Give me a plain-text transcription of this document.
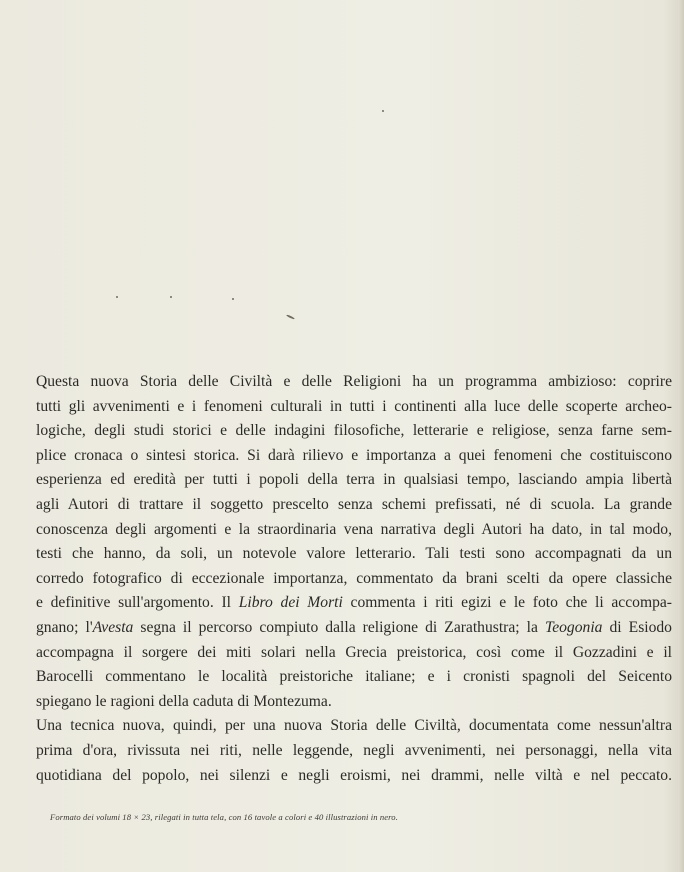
Questa nuova Storia delle Civiltà e delle Religioni ha un programma ambizioso: coprire
tutti gli avvenimenti e i fenomeni culturali in tutti i continenti alla luce delle scoperte archeo-
logiche, degli studi storici e delle indagini filosofiche, letterarie e religiose, senza farne sem-
plice cronaca o sintesi storica. Si darà rilievo e importanza a quei fenomeni che costituiscono
esperienza ed eredità per tutti i popoli della terra in qualsiasi tempo, lasciando ampia libertà
agli Autori di trattare il soggetto prescelto senza schemi prefissati, né di scuola. La grande
conoscenza degli argomenti e la straordinaria vena narrativa degli Autori ha dato, in tal modo,
testi che hanno, da soli, un notevole valore letterario. Tali testi sono accompagnati da un
corredo fotografico di eccezionale importanza, commentato da brani scelti da opere classiche
e definitive sull'argomento. Il Libro dei Morti commenta i riti egizi e le foto che li accompa-
gnano; l'Avesta segna il percorso compiuto dalla religione di Zarathustra; la Teogonia di Esiodo
accompagna il sorgere dei miti solari nella Grecia preistorica, così come il Gozzadini e il
Barocelli commentano le località preistoriche italiane; e i cronisti spagnoli del Seicento
spiegano le ragioni della caduta di Montezuma.
Una tecnica nuova, quindi, per una nuova Storia delle Civiltà, documentata come nessun'altra
prima d'ora, rivissuta nei riti, nelle leggende, negli avvenimenti, nei personaggi, nella vita
quotidiana del popolo, nei silenzi e negli eroismi, nei drammi, nelle viltà e nel peccato.
Formato dei volumi 18 × 23, rilegati in tutta tela, con 16 tavole a colori e 40 illustrazioni in nero.
